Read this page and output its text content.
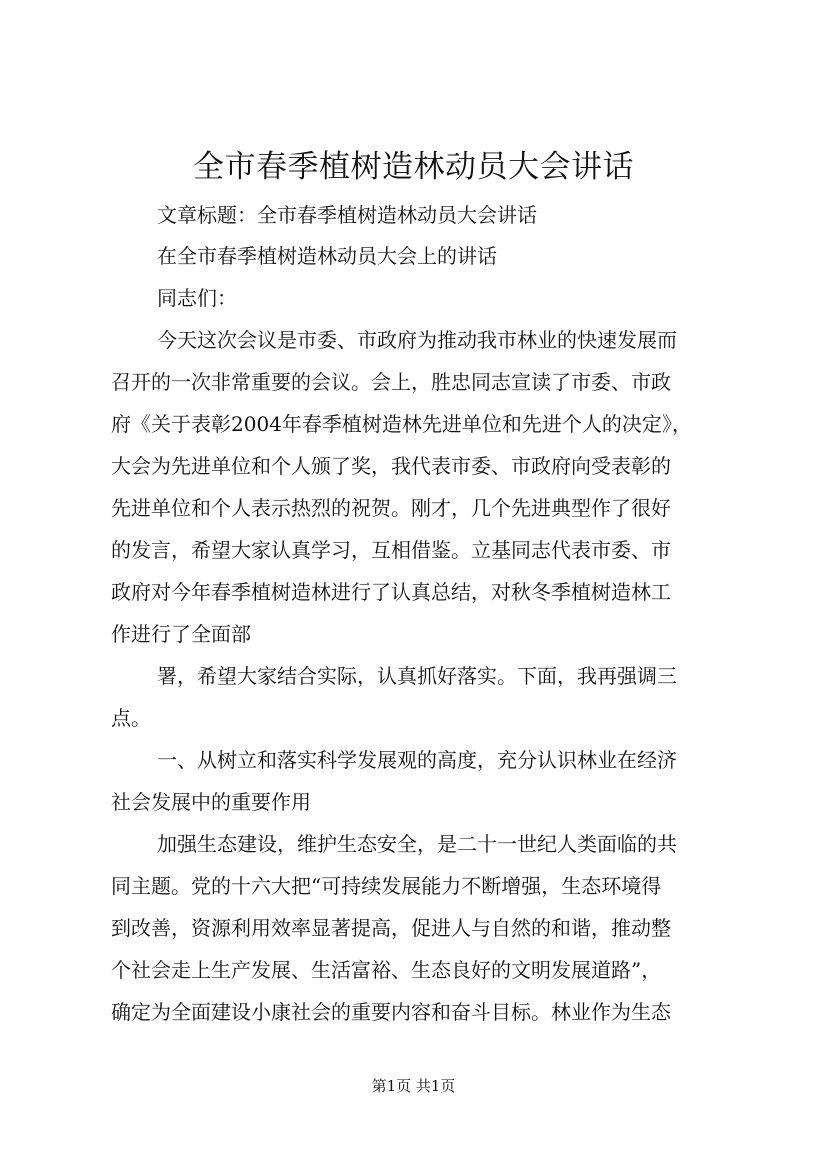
全市春季植树造林动员大会讲话
文章标题：全市春季植树造林动员大会讲话
在全市春季植树造林动员大会上的讲话
同志们：
今天这次会议是市委、市政府为推动我市林业的快速发展而
召开的一次非常重要的会议。会上，胜忠同志宣读了市委、市政
府《关于表彰2004年春季植树造林先进单位和先进个人的决定》，
大会为先进单位和个人颁了奖，我代表市委、市政府向受表彰的
先进单位和个人表示热烈的祝贺。刚才，几个先进典型作了很好
的发言，希望大家认真学习，互相借鉴。立基同志代表市委、市
政府对今年春季植树造林进行了认真总结，对秋冬季植树造林工
作进行了全面部
署，希望大家结合实际，认真抓好落实。下面，我再强调三
点。
一、从树立和落实科学发展观的高度，充分认识林业在经济
社会发展中的重要作用
加强生态建设，维护生态安全，是二十一世纪人类面临的共
同主题。党的十六大把“可持续发展能力不断增强，生态环境得
到改善，资源利用效率显著提高，促进人与自然的和谐，推动整
个社会走上生产发展、生活富裕、生态良好的文明发展道路”，
确定为全面建设小康社会的重要内容和奋斗目标。林业作为生态
第1页 共1页
